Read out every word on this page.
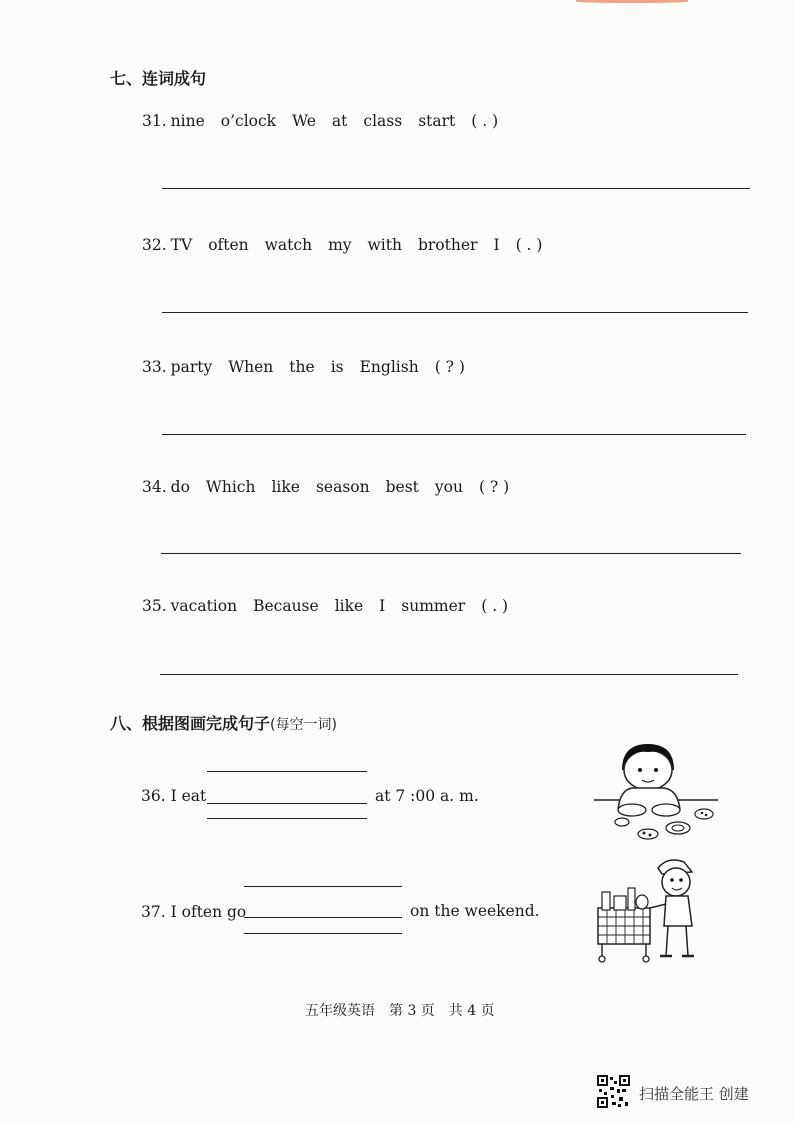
七、连词成句
31. nine o’clock We at class start ( . )
32. TV often watch my with brother I ( . )
33. party When the is English ( ? )
34. do Which like season best you ( ? )
35. vacation Because like I summer ( . )
八、根据图画完成句子(每空一词)
36. I eat	at 7 :00 a. m.
37. I often go	on the weekend.
五年级英语　第 3 页　共 4 页
扫描全能王 创建
